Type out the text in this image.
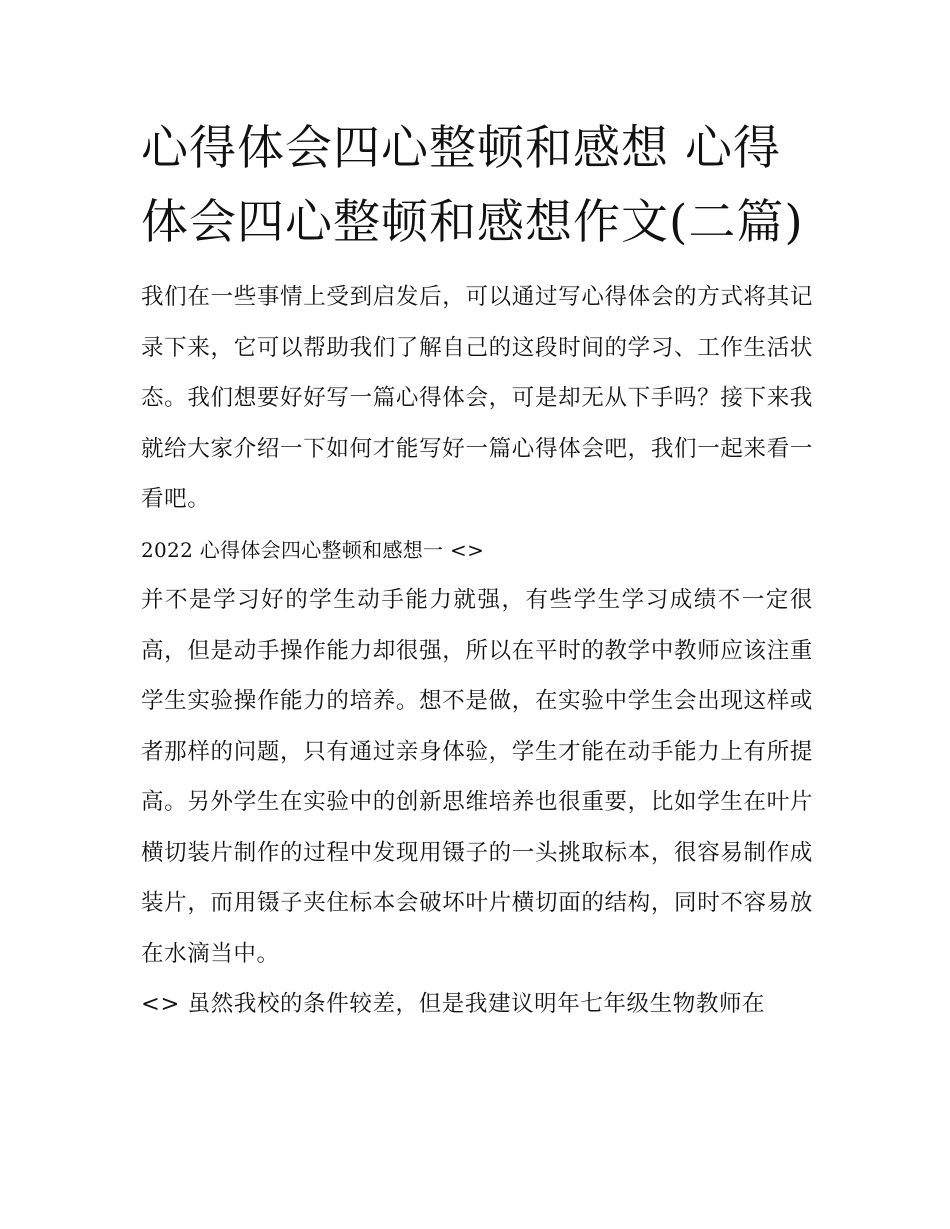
心得体会四心整顿和感想 心得体会四心整顿和感想作文(二篇)

我们在一些事情上受到启发后，可以通过写心得体会的方式将其记录下来，它可以帮助我们了解自己的这段时间的学习、工作生活状态。我们想要好好写一篇心得体会，可是却无从下手吗？接下来我就给大家介绍一下如何才能写好一篇心得体会吧，我们一起来看一看吧。

2022 心得体会四心整顿和感想一 <>

并不是学习好的学生动手能力就强，有些学生学习成绩不一定很高，但是动手操作能力却很强，所以在平时的教学中教师应该注重学生实验操作能力的培养。想不是做，在实验中学生会出现这样或者那样的问题，只有通过亲身体验，学生才能在动手能力上有所提高。另外学生在实验中的创新思维培养也很重要，比如学生在叶片横切装片制作的过程中发现用镊子的一头挑取标本，很容易制作成装片，而用镊子夹住标本会破坏叶片横切面的结构，同时不容易放在水滴当中。

<> 虽然我校的条件较差，但是我建议明年七年级生物教师在
